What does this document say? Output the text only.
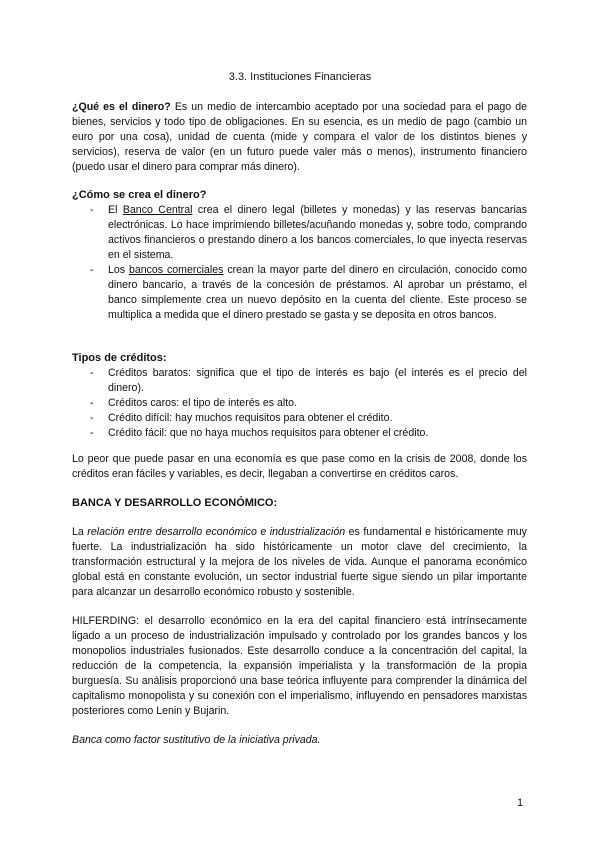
3.3. Instituciones Financieras
¿Qué es el dinero? Es un medio de intercambio aceptado por una sociedad para el pago de bienes, servicios y todo tipo de obligaciones. En su esencia, es un medio de pago (cambio un euro por una cosa), unidad de cuenta (mide y compara el valor de los distintos bienes y servicios), reserva de valor (en un futuro puede valer más o menos), instrumento financiero (puedo usar el dinero para comprar más dinero).
¿Cómo se crea el dinero?
- El Banco Central crea el dinero legal (billetes y monedas) y las reservas bancarias electrónicas. Lo hace imprimiendo billetes/acuñando monedas y, sobre todo, comprando activos financieros o prestando dinero a los bancos comerciales, lo que inyecta reservas en el sistema.
- Los bancos comerciales crean la mayor parte del dinero en circulación, conocido como dinero bancario, a través de la concesión de préstamos. Al aprobar un préstamo, el banco simplemente crea un nuevo depósito en la cuenta del cliente. Este proceso se multiplica a medida que el dinero prestado se gasta y se deposita en otros bancos.
Tipos de créditos:
- Créditos baratos: significa que el tipo de interés es bajo (el interés es el precio del dinero).
- Créditos caros: el tipo de interés es alto.
- Crédito difícil: hay muchos requisitos para obtener el crédito.
- Crédito fácil: que no haya muchos requisitos para obtener el crédito.
Lo peor que puede pasar en una economía es que pase como en la crisis de 2008, donde los créditos eran fáciles y variables, es decir, llegaban a convertirse en créditos caros.
BANCA Y DESARROLLO ECONÓMICO:
La relación entre desarrollo económico e industrialización es fundamental e históricamente muy fuerte. La industrialización ha sido históricamente un motor clave del crecimiento, la transformación estructural y la mejora de los niveles de vida. Aunque el panorama económico global está en constante evolución, un sector industrial fuerte sigue siendo un pilar importante para alcanzar un desarrollo económico robusto y sostenible.
HILFERDING: el desarrollo económico en la era del capital financiero está intrínsecamente ligado a un proceso de industrialización impulsado y controlado por los grandes bancos y los monopolios industriales fusionados. Este desarrollo conduce a la concentración del capital, la reducción de la competencia, la expansión imperialista y la transformación de la propia burguesía. Su análisis proporcionó una base teórica influyente para comprender la dinámica del capitalismo monopolista y su conexión con el imperialismo, influyendo en pensadores marxistas posteriores como Lenin y Bujarin.
Banca como factor sustitutivo de la iniciativa privada.
1
